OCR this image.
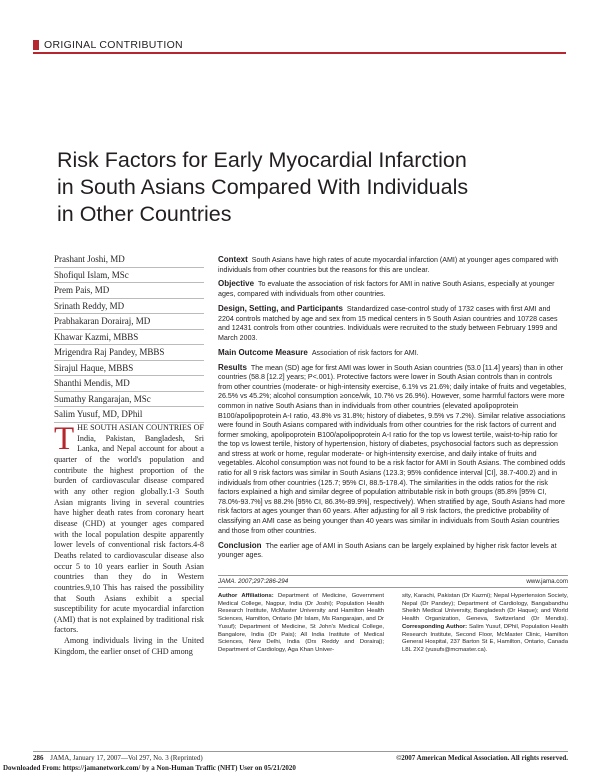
ORIGINAL CONTRIBUTION
Risk Factors for Early Myocardial Infarction
in South Asians Compared With Individuals
in Other Countries
Prashant Joshi, MD
Shofiqul Islam, MSc
Prem Pais, MD
Srinath Reddy, MD
Prabhakaran Dorairaj, MD
Khawar Kazmi, MBBS
Mrigendra Raj Pandey, MBBS
Sirajul Haque, MBBS
Shanthi Mendis, MD
Sumathy Rangarajan, MSc
Salim Yusuf, MD, DPhil

Context South Asians have high rates of acute myocardial infarction (AMI) at younger ages compared with individuals from other countries but the reasons for this are unclear.

Objective To evaluate the association of risk factors for AMI in native South Asians, especially at younger ages, compared with individuals from other countries.

Design, Setting, and Participants Standardized case-control study of 1732 cases with first AMI and 2204 controls matched by age and sex from 15 medical centers in 5 South Asian countries and 10728 cases and 12431 controls from other countries. Individuals were recruited to the study between February 1999 and March 2003.

Main Outcome Measure Association of risk factors for AMI.

Results The mean (SD) age for first AMI was lower in South Asian countries (53.0 [11.4] years) than in other countries (58.8 [12.2] years; P<.001). Protective factors were lower in South Asian controls than in controls from other countries (moderate- or high-intensity exercise, 6.1% vs 21.6%; daily intake of fruits and vegetables, 26.5% vs 45.2%; alcohol consumption ≥once/wk, 10.7% vs 26.9%). However, some harmful factors were more common in native South Asians than in individuals from other countries (elevated apolipoprotein B100/apolipoprotein A-I ratio, 43.8% vs 31.8%; history of diabetes, 9.5% vs 7.2%). Similar relative associations were found in South Asians compared with individuals from other countries for the risk factors of current and former smoking, apolipoprotein B100/apolipoprotein A-I ratio for the top vs lowest tertile, waist-to-hip ratio for the top vs lowest tertile, history of hypertension, history of diabetes, psychosocial factors such as depression and stress at work or home, regular moderate- or high-intensity exercise, and daily intake of fruits and vegetables. Alcohol consumption was not found to be a risk factor for AMI in South Asians. The combined odds ratio for all 9 risk factors was similar in South Asians (123.3; 95% confidence interval [CI], 38.7-400.2) and in individuals from other countries (125.7; 95% CI, 88.5-178.4). The similarities in the odds ratios for the risk factors explained a high and similar degree of population attributable risk in both groups (85.8% [95% CI, 78.0%-93.7%] vs 88.2% [95% CI, 86.3%-89.9%], respectively). When stratified by age, South Asians had more risk factors at ages younger than 60 years. After adjusting for all 9 risk factors, the predictive probability of classifying an AMI case as being younger than 40 years was similar in individuals from South Asian countries and those from other countries.

Conclusion The earlier age of AMI in South Asians can be largely explained by higher risk factor levels at younger ages.

JAMA. 2007;297:286-294	www.jama.com
Author Affiliations: Department of Medicine, Government Medical College, Nagpur, India (Dr Joshi); Population Health Research Institute, McMaster University and Hamilton Health Sciences, Hamilton, Ontario (Mr Islam, Ms Rangarajan, and Dr Yusuf); Department of Medicine, St John's Medical College, Bangalore, India (Dr Pais); All India Institute of Medical Sciences, New Delhi, India (Drs Reddy and Dorairaj); Department of Cardiology, Aga Khan Univer-
sity, Karachi, Pakistan (Dr Kazmi); Nepal Hypertension Society, Nepal (Dr Pandey); Department of Cardiology, Bangabandhu Sheikh Medical University, Bangladesh (Dr Haque); and World Health Organization, Geneva, Switzerland (Dr Mendis). Corresponding Author: Salim Yusuf, DPhil, Population Health Research Institute, Second Floor, McMaster Clinic, Hamilton General Hospital, 237 Barton St E, Hamilton, Ontario, Canada L8L 2X2 (yusufs@mcmaster.ca).

THE SOUTH ASIAN COUNTRIES OF India, Pakistan, Bangladesh, Sri Lanka, and Nepal account for about a quarter of the world's population and contribute the highest proportion of the burden of cardiovascular disease compared with any other region globally.1-3 South Asian migrants living in several countries have higher death rates from coronary heart disease (CHD) at younger ages compared with the local population despite apparently lower levels of conventional risk factors.4-8 Deaths related to cardiovascular disease also occur 5 to 10 years earlier in South Asian countries than they do in Western countries.9,10 This has raised the possibility that South Asians exhibit a special susceptibility for acute myocardial infarction (AMI) that is not explained by traditional risk factors.

Among individuals living in the United Kingdom, the earlier onset of CHD among

286 JAMA, January 17, 2007—Vol 297, No. 3 (Reprinted)	©2007 American Medical Association. All rights reserved.
Downloaded From: https://jamanetwork.com/ by a Non-Human Traffic (NHT) User on 05/21/2020
